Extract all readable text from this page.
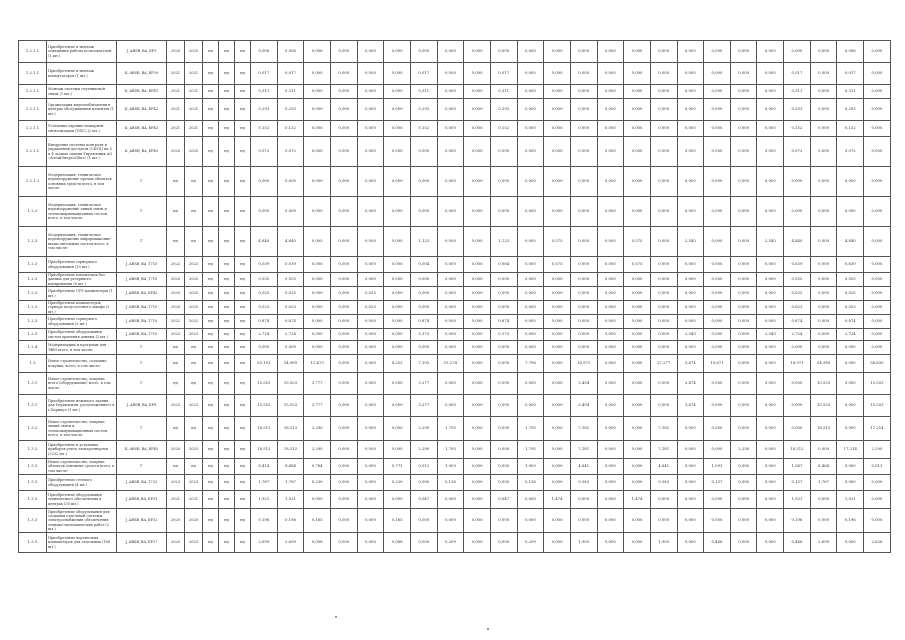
1.2.1.1	Приобретение и монтаж оснащения работы пользователей (1 шт.)	J_ABSB_BA_ЕРЗ	2020	2020	нд	нд	нд	0,006	0,006	0,006	0,000	0,000	0,000	0,000	0,000	0,000	0,000	0,000	0,000	0,000	0,000	0,000	0,000	0,000	0,000	0,000	0,000	0,000	0,000	0,006	0,000
1.2.1.1	Приобретение и монтаж коммутаторов (1 шт.)	K_ABSB_BA_ЕР39	2021	2021	нд	нд	нд	0,017	0,017	0,000	0,000	0,000	0,000	0,017	0,000	0,000	0,017	0,000	0,000	0,000	0,000	0,000	0,000	0,000	0,000	0,000	0,000	0,017	0,000	0,017	0,000
1.2.1.1	Монтаж системы спутниковой связи (1 шт.)	K_ABSB_BA_ЕР41	2021	2021	нд	нд	нд	0,311	0,311	0,000	0,000	0,000	0,000	0,311	0,000	0,000	0,311	0,000	0,000	0,000	0,000	0,000	0,000	0,000	0,000	0,000	0,000	0,311	0,000	0,311	0,000
1.2.1.1	Организация видеонаблюдения в центрах обслуживания клиентов (1 шт.)	K_ABSB_BA_ЕР42	2021	2021	нд	нд	нд	0,293	0,293	0,000	0,000	0,000	0,000	0,293	0,000	0,000	0,293	0,000	0,000	0,000	0,000	0,000	0,000	0,000	0,000	0,000	0,000	0,293	0,000	0,293	0,000
1.2.1.1	Установка охранно-пожарной сигнализации (ОПС) (2 шт.)	K_ABSB_BA_ЕР43	2021	2021	нд	нд	нд	0,152	0,152	0,000	0,000	0,000	0,000	0,152	0,000	0,000	0,152	0,000	0,000	0,000	0,000	0,000	0,000	0,000	0,000	0,000	0,000	0,152	0,000	0,152	0,000
1.2.1.1	Внедрение системы контроля и управления доступом (СКУД) на 5 и 4 этажах здания Управления АО «АлтайЭнергоСбыт» (1 шт.)	K_ABSB_BA_ЕР45	2020	2020	нд	нд	нд	0,072	0,072	0,000	0,000	0,000	0,000	0,000	0,000	0,000	0,000	0,000	0,000	0,000	0,000	0,000	0,000	0,000	0,000	0,000	0,000	0,072	0,000	0,072	0,000
1.2.1.2	Модернизация, техническое перевооружение прочих объектов основных средств всего, в том числе:	Г	нд	нд	нд	нд	нд	0,000	0,000	0,000	0,000	0,000	0,000	0,000	0,000	0,000	0,000	0,000	0,000	0,000	0,000	0,000	0,000	0,000	0,000	0,000	0,000	0,000	0,000	0,000	0,000
1.2.2	Модернизация, техническое перевооружение линий связи и телекоммуникационных систем всего, в том числе:	Г	нд	нд	нд	нд	нд	0,000	0,000	0,000	0,000	0,000	0,000	0,000	0,000	0,000	0,000	0,000	0,000	0,000	0,000	0,000	0,000	0,000	0,000	0,000	0,000	0,000	0,000	0,000	0,000
1.2.3	Модернизация, техническое перевооружение информационно-вычислительных систем всего, в том числе:	Г	нд	нд	нд	нд	нд	4,840	4,840	0,005	0,000	0,000	0,000	1,123	0,000	0,000	1,123	0,000	0,575	0,000	0,000	0,575	0,000	2,540	0,000	0,000	2,540	4,840	0,000	4,840	0,000
1.2.3	Приобретение серверного оборудования (19 шт.)	J_ABSB_BA_1710	2022	2022	нд	нд	нд	0,039	0,039	0,000	0,000	0,000	0,000	0,004	0,000	0,000	0,064	0,000	0,575	0,000	0,000	0,575	0,000	0,000	0,000	0,000	0,000	0,639	0,000	0,639	0,000
1.2.3	Приобретение клиентских баз данных для резервного копирования (6 шт.)	J_ABSB_BA_1710	2020	2020	нд	нд	нд	0,555	0,555	0,000	0,000	0,000	0,000	0,000	0,000	0,000	0,000	0,000	0,000	0,000	0,000	0,000	0,000	0,000	0,000	0,000	0,000	0,555	0,000	0,555	0,000
1.2.3	Приобретение UPS компьютеры (1 шт.)	J_ABSB_BA_ЕР42	2020	2020	нд	нд	нд	0,025	0,025	0,000	0,000	0,025	0,000	0,000	0,000	0,000	0,000	0,000	0,000	0,000	0,000	0,000	0,000	0,000	0,000	0,000	0,000	0,025	0,000	0,025	0,000
1.2.3	Приобретение компьютеров сервера полустоечного шкафа (1 шт.)	J_ABSB_BA_1710	2020	2020	нд	нд	нд	0,023	0,023	0,000	0,000	0,023	0,000	0,000	0,000	0,000	0,000	0,000	0,000	0,000	0,000	0,000	0,000	0,000	0,000	0,000	0,000	0,023	0,000	0,023	0,000
1.2.3	Приобретение серверного оборудования (3 шт.)	J_ABSB_BA_1710	2022	2022	нд	нд	нд	0,874	0,874	0,000	0,000	0,000	0,000	0,874	0,000	0,000	0,874	0,000	0,000	0,000	0,000	0,000	0,000	0,000	0,000	0,000	0,000	0,874	0,000	0,874	0,000
1.2.3	Приобретение оборудования систем хранения данных (2 шт.)	J_ABSB_BA_1710	2023	2023	нд	нд	нд	2,724	2,724	0,000	0,000	0,000	0,000	0,175	0,000	0,000	0,175	0,000	0,000	0,000	0,000	0,000	0,000	2,549	0,000	0,000	2,549	2,724	0,000	2,724	0,000
1.2.4	Модернизация и программ для ЭВМ всего, в том числе:	Г	нд	нд	нд	нд	нд	0,000	0,000	0,000	0,000	0,000	0,000	0,000	0,000	0,000	0,000	0,000	0,000	0,000	0,000	0,000	0,000	0,000	0,000	0,000	0,000	0,000	0,000	0,000	0,000
1.3	Новое строительство, создание, покупка, всего, в том числе:	Г	нд	нд	нд	нд	нд	55,191	54,989	11,473	0,000	0,000	4,253	7,103	15,274	0,000	0,000	7,798	0,000	16,971	0,000	0,000	27,277	3,474	19,671	0,000	0,000	18,971	54,989	0,000	56,630
1.3.1	Новое строительство, покупка всего (оборудование) всего, в том числе:	Г	нд	нд	нд	нд	нд	15,553	15,553	3,777	0,000	0,000	0,000	3,277	0,000	0,000	0,000	0,000	0,000	3,494	0,000	0,000	0,000	3,474	0,000	0,000	0,000	0,000	15,553	0,000	15,553
1.3.1	Приобретение нежилого здания для Управления, расположенного в г.Барнаул (1 шт.)	J_ABSB_BA_ЕР8	2023	2023	нд	нд	нд	15,553	15,553	3,777	0,000	0,000	0,000	3,277	0,000	0,000	0,000	0,000	0,000	3,494	0,000	0,000	0,000	3,474	0,000	0,000	0,000	0,000	15,553	0,000	15,553
1.3.2	Новое строительство, покупка линий связи и телекоммуникационных систем всего, в том числе:	Г	нд	нд	нд	нд	нд	18,513	18,513	2,290	0,000	0,000	0,000	2,290	1,795	0,000	0,000	1,795	0,000	7,181	0,000	0,000	7,181	0,000	0,000	0,000	0,000	0,000	18,513	0,000	17,214
1.3.2	Приобретение и установка приборов учета электроэнергии (3232 шт.)	K_ABSB_BA_ЕР40	2020	2023	нд	нд	нд	18,512	18,512	2,290	0,000	0,000	0,000	2,290	1,795	0,000	0,000	1,795	0,000	7,181	0,000	0,000	7,181	0,000	0,000	2,238	0,000	18,512	0,000	17,214	2,290
1.3.3	Новое строительство, покупка объектов основных средств всего, в том числе:	Г	нд	нд	нд	нд	нд	8,414	8,464	0,784	0,000	0,000	0,771	0,013	1,903	0,000	0,000	1,903	0,000	4,641	0,000	0,000	4,641	0,000	1,093	0,000	0,000	1,087	8,464	0,000	0,013
1.3.3	Приобретение сетевого оборудования (4 шт.)	J_ABSB_BA_1723	2023	2023	нд	нд	нд	1,767	1,767	0,230	0,000	0,000	0,230	0,000	0,136	0,000	0,000	0,136	0,000	0,583	0,000	0,000	0,583	0,000	0,157	0,000	0,000	0,157	1,767	0,000	0,000
1.3.3	Приобретение оборудования технического обеспечения в центрах (35 шт.)	J_ABSB_BA_ЕР31	2021	2021	нд	нд	нд	1,921	1,921	0,000	0,000	0,000	0,000	0,047	0,000	0,000	0,047	0,000	1,474	0,000	0,000	1,474	0,000	0,000	0,000	0,000	0,000	1,921	0,000	1,921	0,000
1.3.3	Приобретение оборудования для создания отдельной системы электроснабжения обеспечения технико-экономических работ (2 шт.)	J_ABSB_BA_ЕР32	2020	2020	нд	нд	нд	0,196	0,196	0,185	0,000	0,000	0,185	0,000	0,000	0,000	0,000	0,000	0,000	0,000	0,000	0,000	0,000	0,000	0,000	0,000	0,000	0,196	0,000	0,196	0,000
1.3.3	Приобретение переносных компьютеров для отдельных (188 шт.)	J_ABSB_BA_ЕР37	2020	2023	нд	нд	нд	2,699	2,699	0,098	0,000	0,000	0,088	0,000	0,209	0,000	0,000	0,209	0,000	1,905	0,000	0,000	1,905	0,000	0,466	0,000	0,000	0,466	2,699	0,000	2,626
